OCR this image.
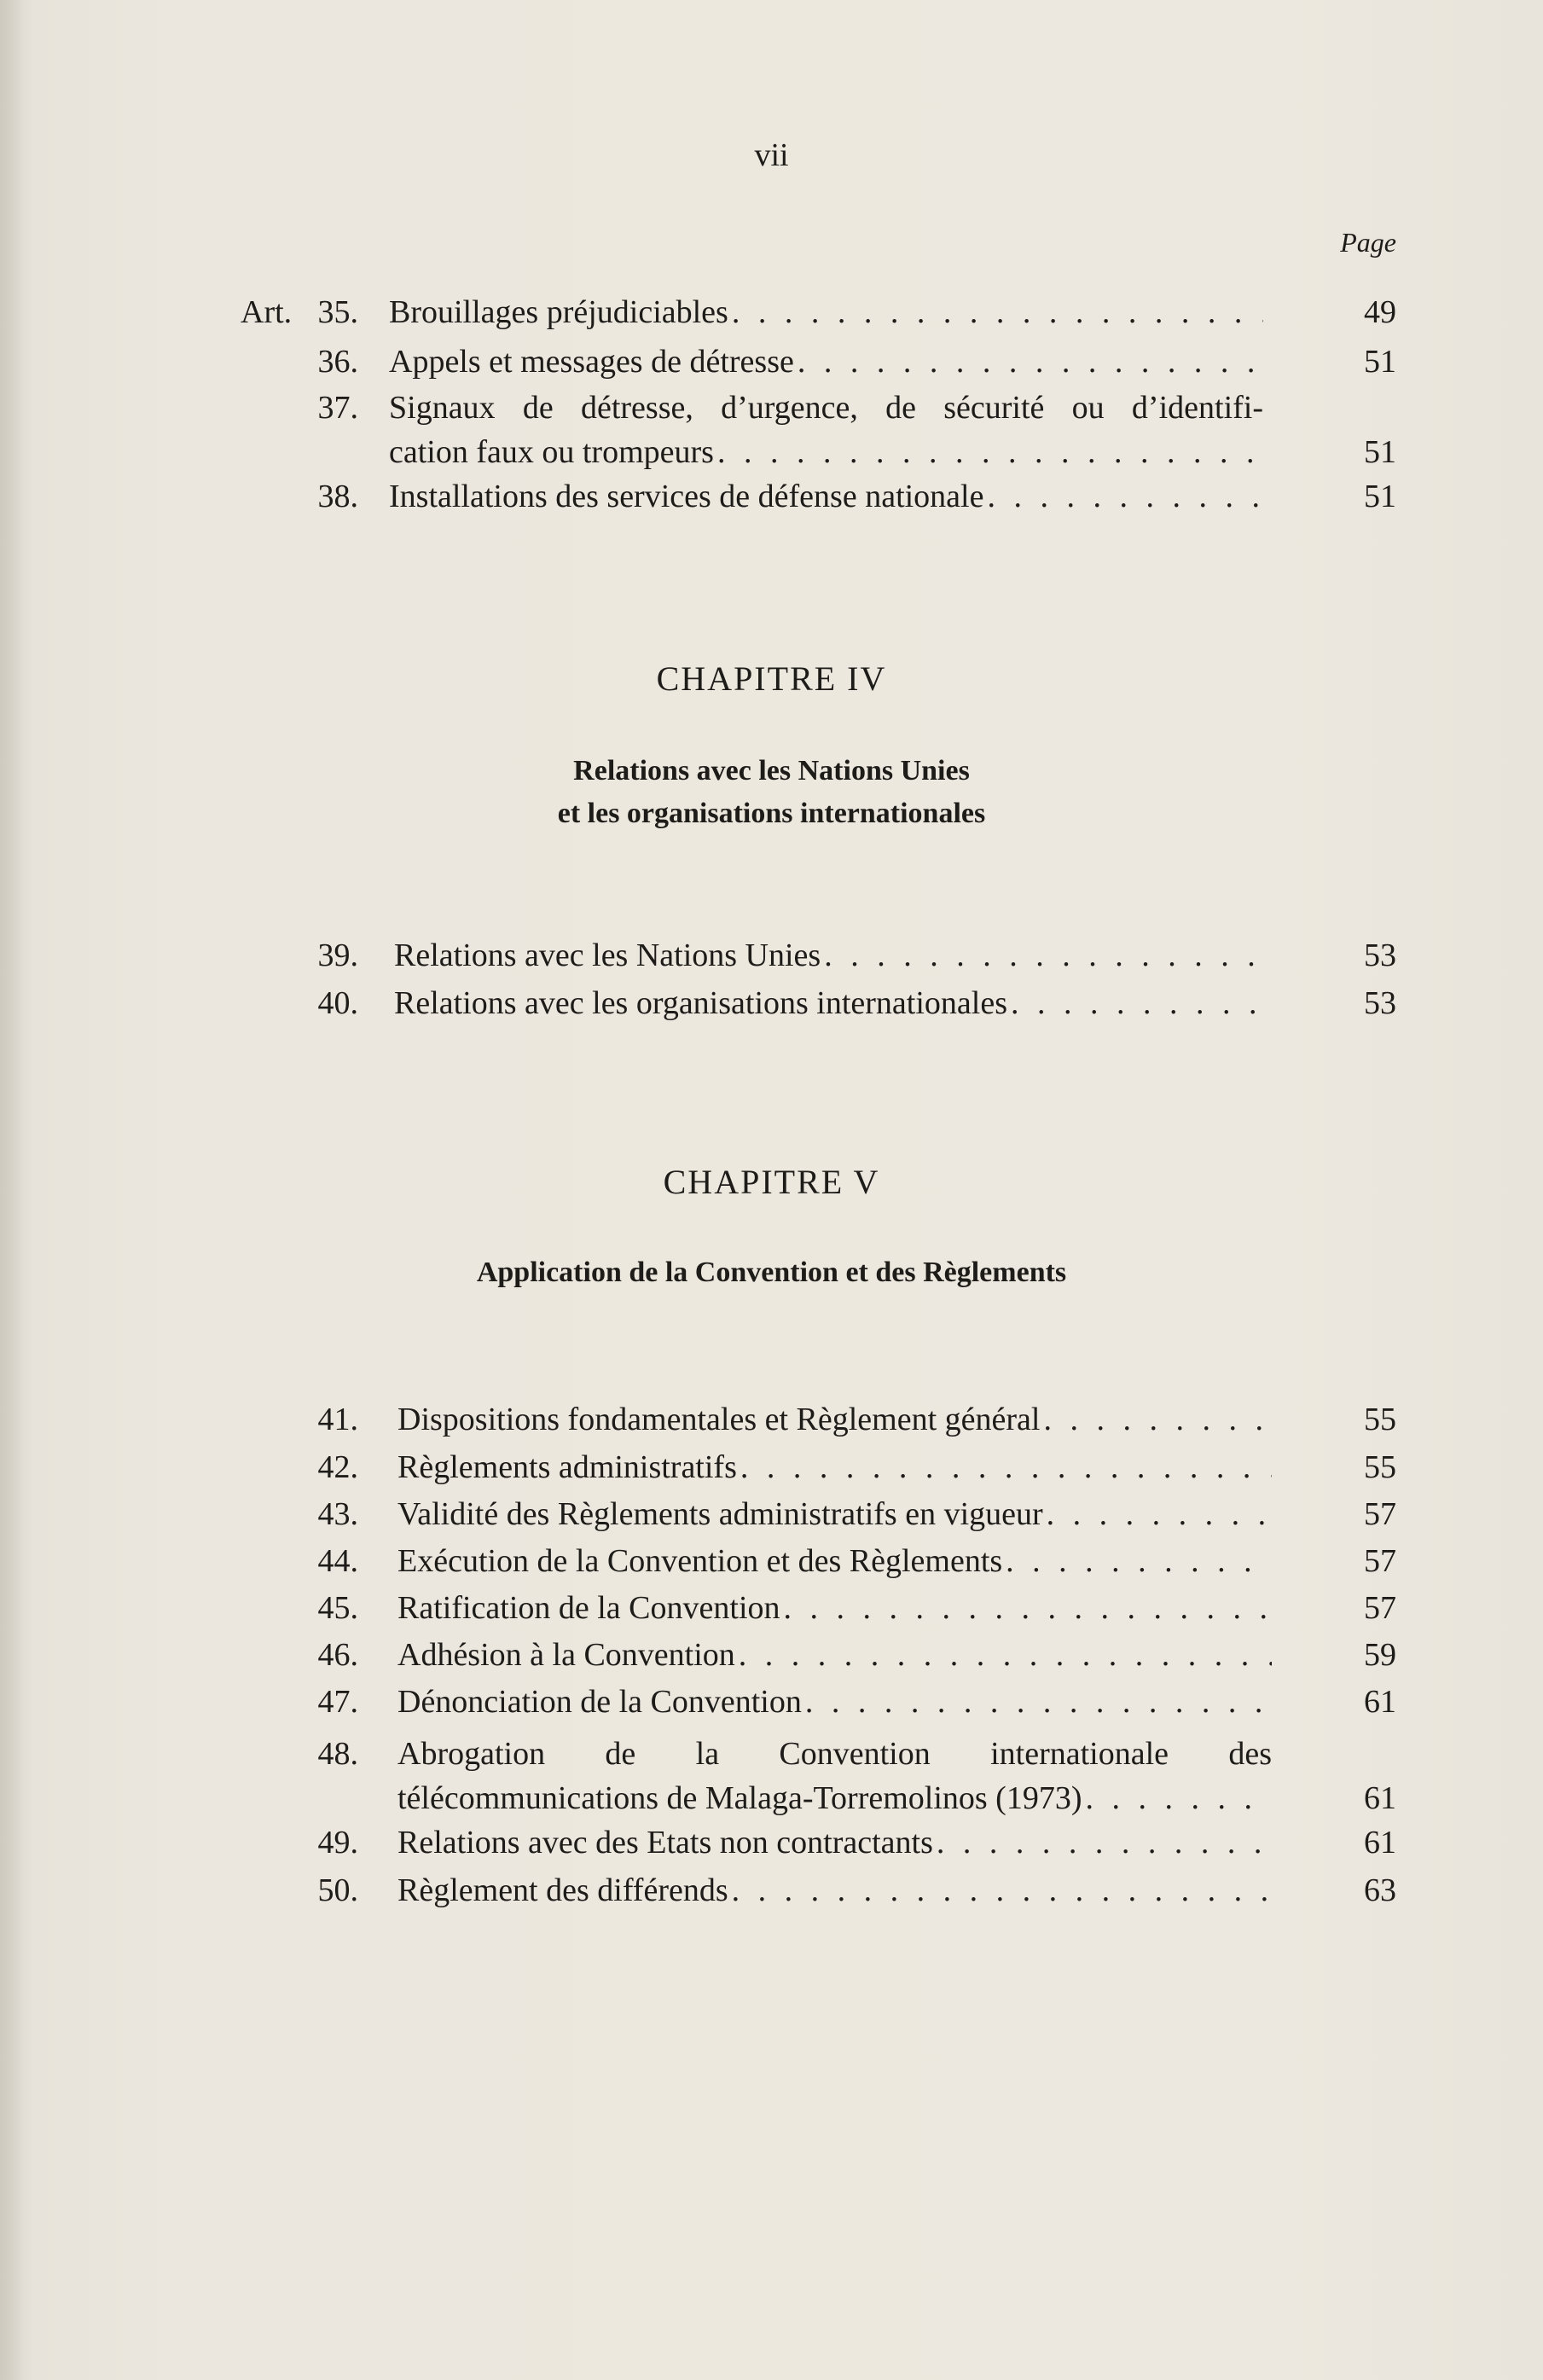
vii
Page
Art. 35. Brouillages préjudiciables . . .	49
36. Appels et messages de détresse . . .	51
37. Signaux de détresse, d’urgence, de sécurité ou d’identifi-
cation faux ou trompeurs . . .	51
38. Installations des services de défense nationale . . .	51
CHAPITRE IV
Relations avec les Nations Unies
et les organisations internationales
39. Relations avec les Nations Unies . . .	53
40. Relations avec les organisations internationales . . .	53
CHAPITRE V
Application de la Convention et des Règlements
41. Dispositions fondamentales et Règlement général . . .	55
42. Règlements administratifs . . .	55
43. Validité des Règlements administratifs en vigueur . . .	57
44. Exécution de la Convention et des Règlements . . .	57
45. Ratification de la Convention . . .	57
46. Adhésion à la Convention . . .	59
47. Dénonciation de la Convention . . .	61
48. Abrogation de la Convention internationale des
télécommunications de Malaga-Torremolinos (1973) . . .	61
49. Relations avec des Etats non contractants . . .	61
50. Règlement des différends . . .	63
